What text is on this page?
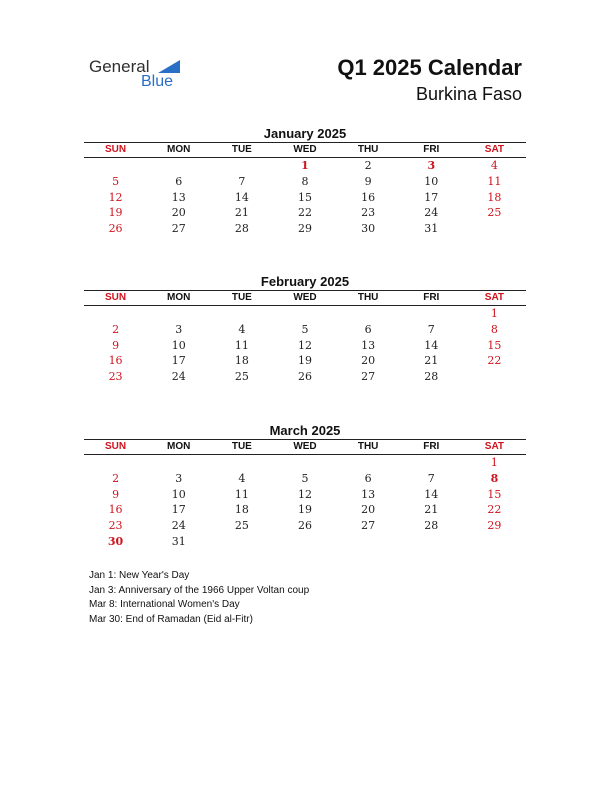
General
Blue
Q1 2025 Calendar
Burkina Faso
January 2025
SUN	MON	TUE	WED	THU	FRI	SAT
			1	2	3	4
5	6	7	8	9	10	11
12	13	14	15	16	17	18
19	20	21	22	23	24	25
26	27	28	29	30	31	
February 2025
SUN	MON	TUE	WED	THU	FRI	SAT
						1
2	3	4	5	6	7	8
9	10	11	12	13	14	15
16	17	18	19	20	21	22
23	24	25	26	27	28	
March 2025
SUN	MON	TUE	WED	THU	FRI	SAT
						1
2	3	4	5	6	7	8
9	10	11	12	13	14	15
16	17	18	19	20	21	22
23	24	25	26	27	28	29
30	31					
Jan 1: New Year's Day
Jan 3: Anniversary of the 1966 Upper Voltan coup
Mar 8: International Women's Day
Mar 30: End of Ramadan (Eid al-Fitr)
